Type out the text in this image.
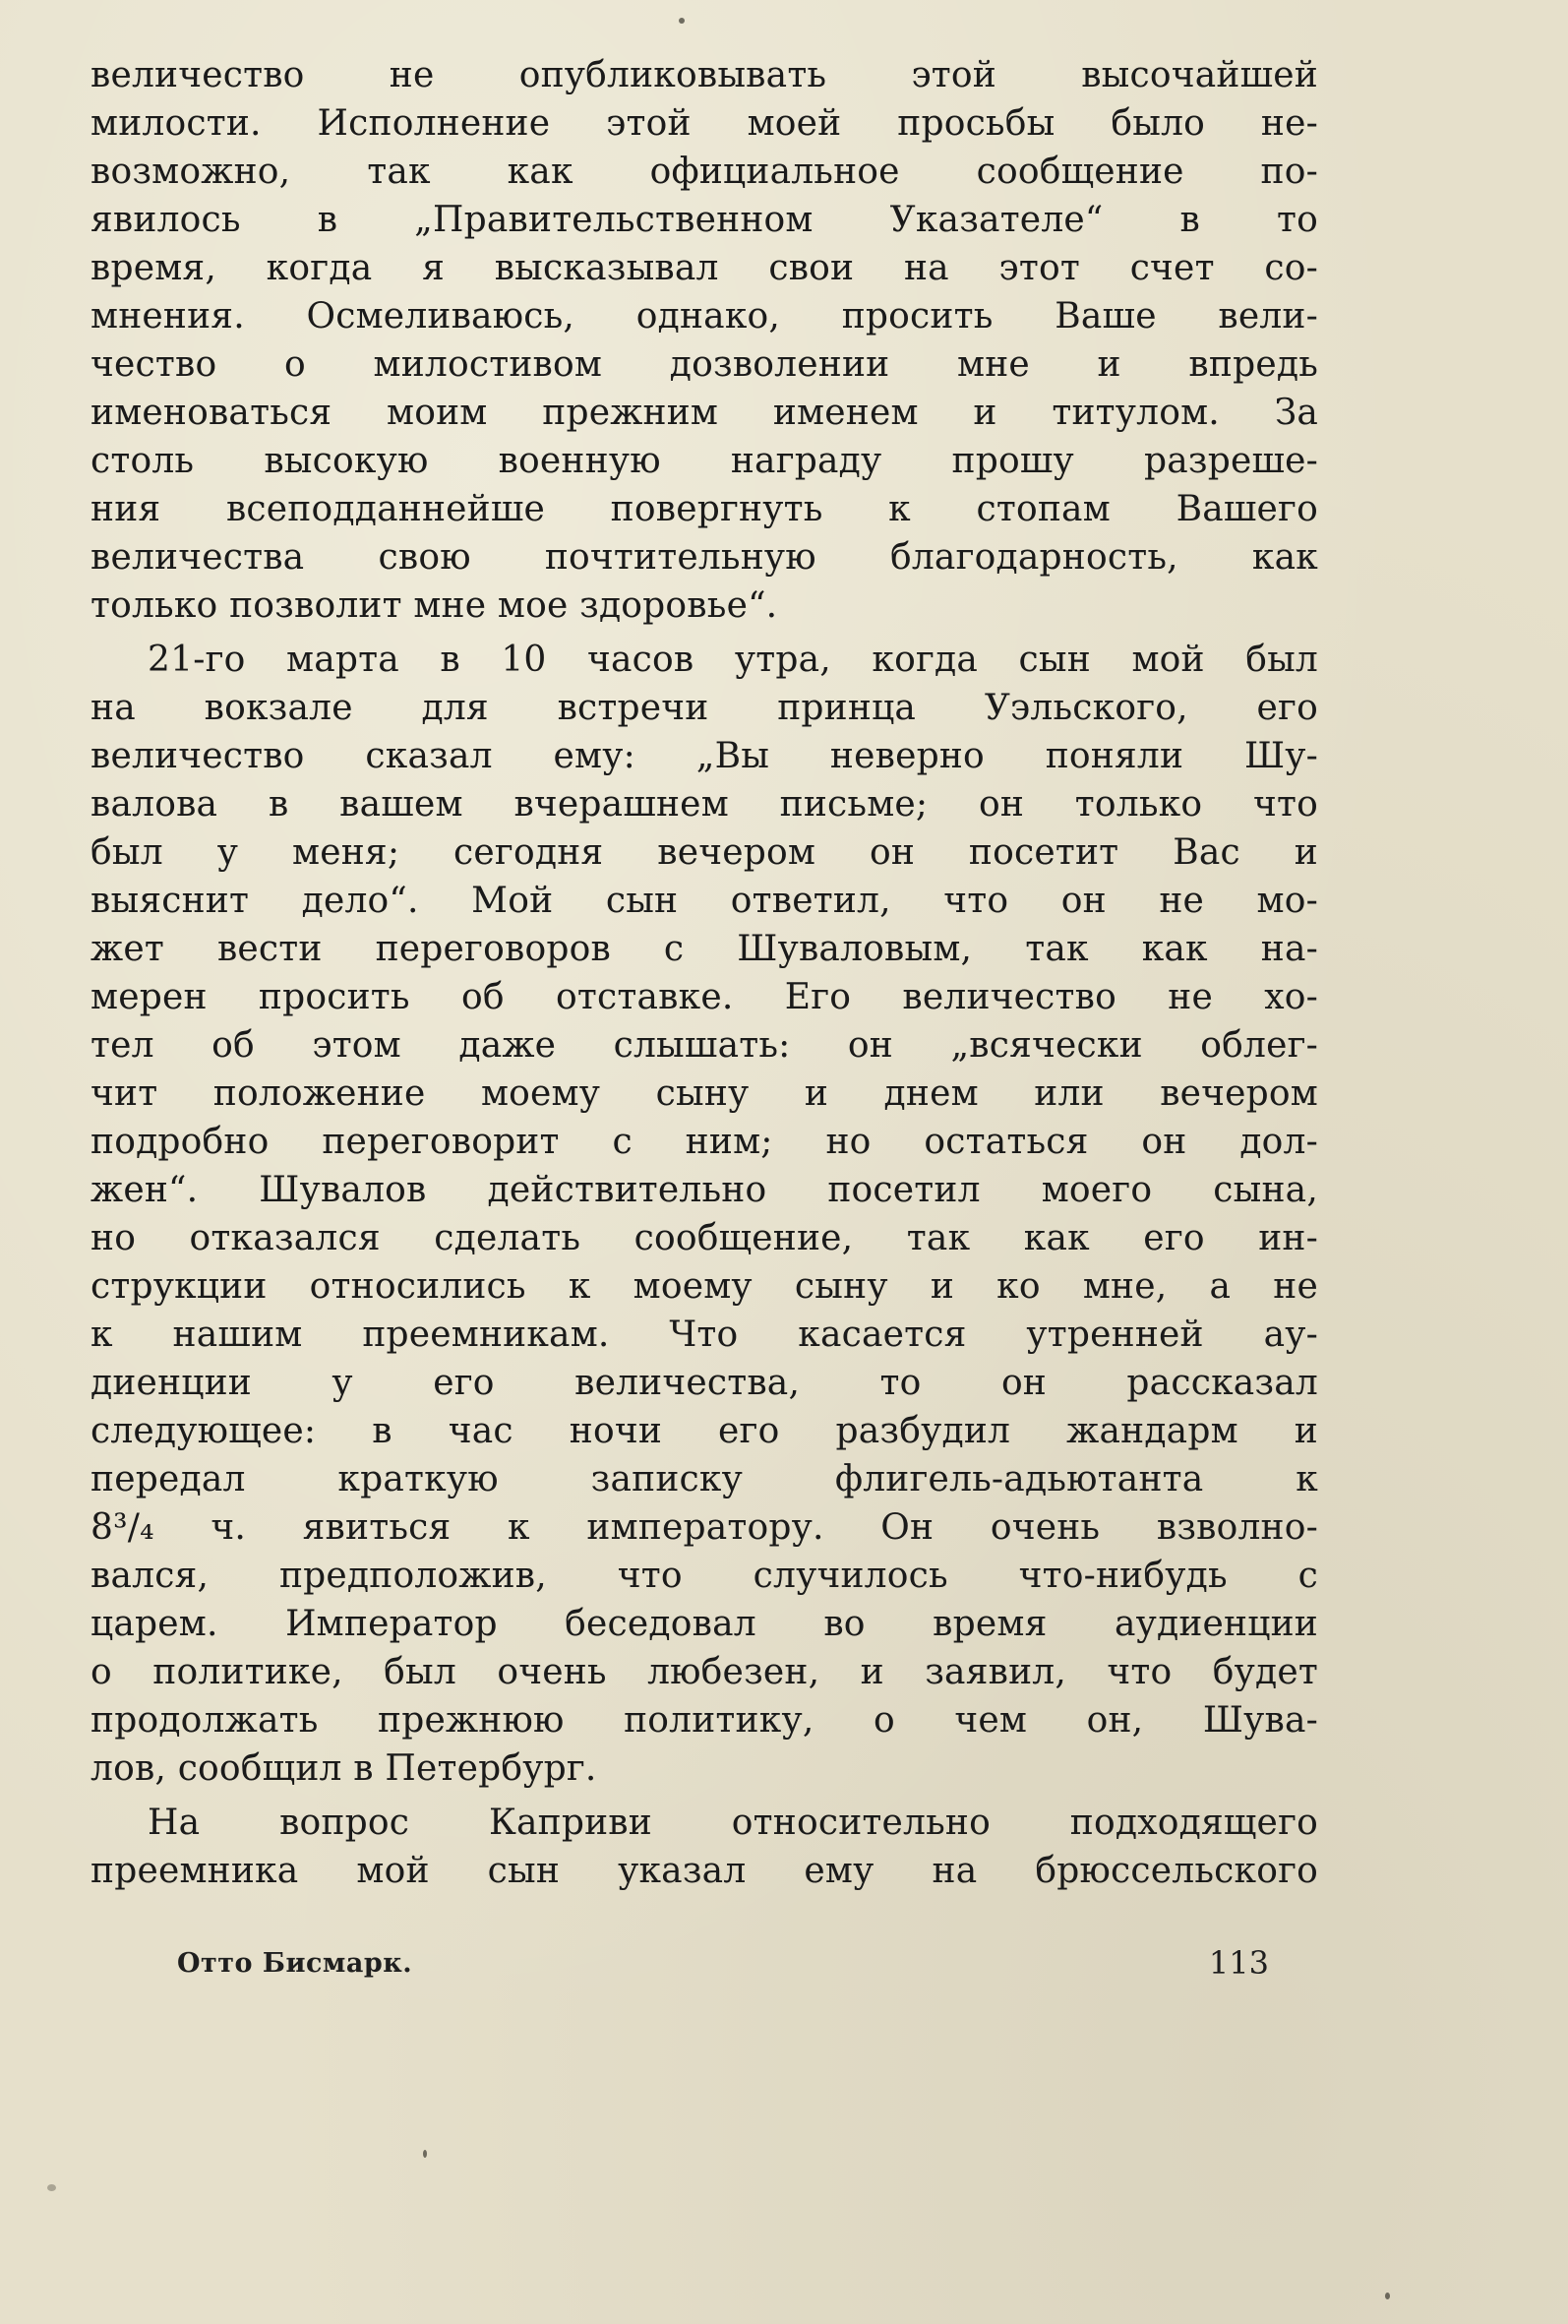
величество не опубликовывать этой высочайшей
милости. Исполнение этой моей просьбы было не-
возможно, так как официальное сообщение по-
явилось в „Правительственном Указателе“ в то
время, когда я высказывал свои на этот счет со-
мнения. Осмеливаюсь, однако, просить Ваше вели-
чество о милостивом дозволении мне и впредь
именоваться моим прежним именем и титулом. За
столь высокую военную награду прошу разреше-
ния всеподданнейше повергнуть к стопам Вашего
величества свою почтительную благодарность, как
только позволит мне мое здоровье“.
21-го марта в 10 часов утра, когда сын мой был
на вокзале для встречи принца Уэльского, его
величество сказал ему: „Вы неверно поняли Шу-
валова в вашем вчерашнем письме; он только что
был у меня; сегодня вечером он посетит Вас и
выяснит дело“. Мой сын ответил, что он не мо-
жет вести переговоров с Шуваловым, так как на-
мерен просить об отставке. Его величество не хо-
тел об этом даже слышать: он „всячески облег-
чит положение моему сыну и днем или вечером
подробно переговорит с ним; но остаться он дол-
жен“. Шувалов действительно посетил моего сына,
но отказался сделать сообщение, так как его ин-
струкции относились к моему сыну и ко мне, а не
к нашим преемникам. Что касается утренней ау-
диенции у его величества, то он рассказал
следующее: в час ночи его разбудил жандарм и
передал краткую записку флигель-адьютанта к
8³/₄ ч. явиться к императору. Он очень взволно-
вался, предположив, что случилось что-нибудь с
царем. Император беседовал во время аудиенции
о политике, был очень любезен, и заявил, что будет
продолжать прежнюю политику, о чем он, Шува-
лов, сообщил в Петербург.
На вопрос Каприви относительно подходящего
преемника мой сын указал ему на брюссельского
Отто Бисмарк.	113
